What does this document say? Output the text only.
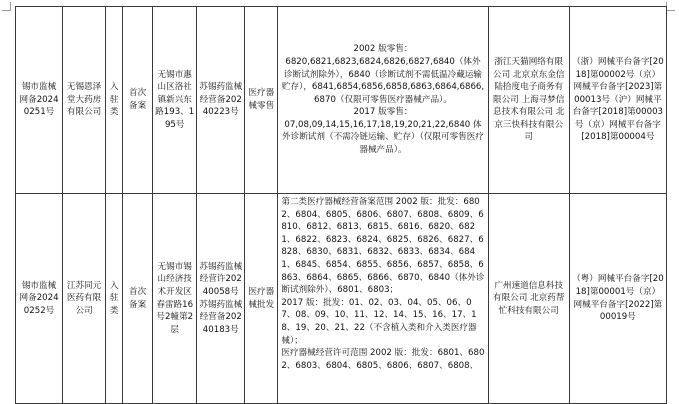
锡市监械网备20240251号	无锡恩泽堂大药房有限公司	入驻类	首次备案	无锡市惠山区洛社镇新兴东路193、195号	苏锡药监械经营备20240223号	医疗器械零售	2002 版零售：
6820,6821,6823,6824,6826,6827,6840（体外诊断试剂除外），6840（诊断试剂不需低温冷藏运输贮存），6841,6854,6856,6858,6863,6864,6866,6870（仅限可零售医疗器械产品）。
2017 版零售：
07,08,09,14,15,16,17,18,19,20,21,22,6840 体外诊断试剂（不需冷链运输、贮存）（仅限可零售医疗器械产品）。	浙江天猫网络有限公司 北京京东金信陆拾度电子商务有限公司 上海寻梦信息技术有限公司 北京三快科技有限公司	（浙）网械平台备字[2018]第00002号（京）网械平台备字[2023]第00013号（沪）网械平台备字[2018]第00003号（京）网械平台备字[2018]第00004号
锡市监械网备20240252号	江苏同元医药有限公司	入驻类	首次备案	无锡市锡山经济技术开发区春雷路16号2幢第2层	苏锡药监械经营许20240058号苏锡药监械经营备20240183号	医疗器械批发	第二类医疗器械经营备案范围 2002 版：批发：6802、6804、6805、6806、6807、6808、6809、6810、6812、6813、6815、6816、6820、6821、6822、6823、6824、6825、6826、6827、6828、6830、6831、6832、6833、6834、6841、6845、6854、6855、6856、6857、6858、6863、6864、6865、6866、6870、6840（体外诊断试剂除外）、6801、6803；
2017 版：批发：01、02、03、04、05、06、07、08、09、10、11、12、14、15、16、17、18、19、20、21、22（不含植入类和介入类医疗器械）；
医疗器械经营许可范围 2002 版：批发：6801、6802、6803、6804、6805、6806、6807、6808、	广州速道信息科技有限公司 北京药帮忙科技有限公司	（粤）网械平台备字[2018]第00001号（京）网械平台备字[2022]第00019号
